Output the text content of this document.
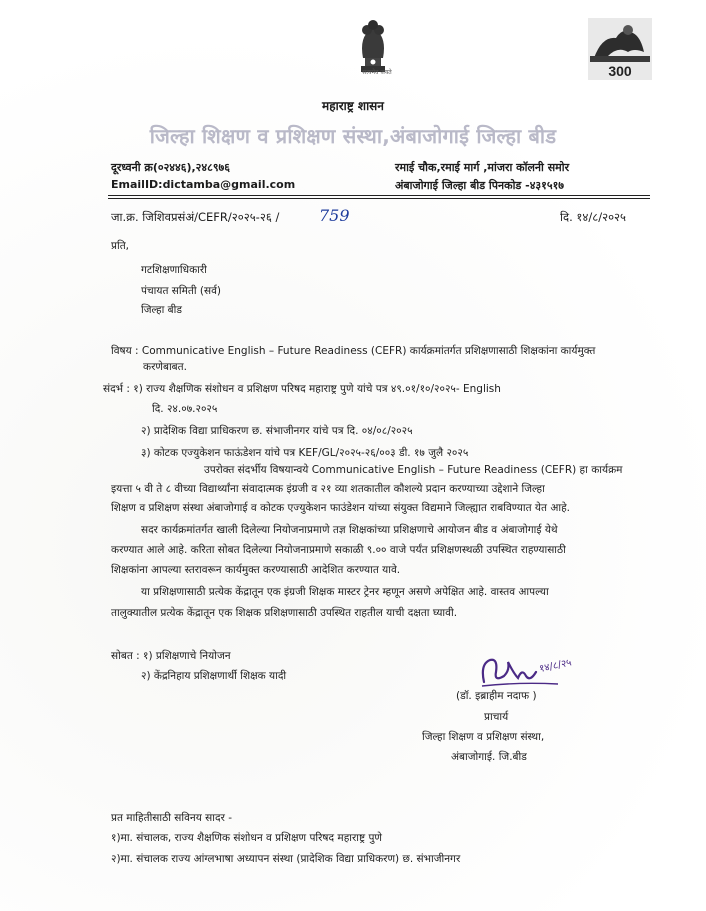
सत्यमेव जयते	300
महाराष्ट्र शासन
जिल्हा शिक्षण व प्रशिक्षण संस्था,अंबाजोगाई जिल्हा बीड
दूरध्वनी क्र(०२४४६),२४८९७६
EmailID:dictamba@gmail.com
रमाई चौक,रमाई मार्ग ,मांजरा कॉलनी समोर
अंबाजोगाई जिल्हा बीड पिनकोड -४३१५१७
जा.क्र. जिशिवप्रसंअं/CEFR/२०२५-२६ / 759	दि. १४/८/२०२५
प्रति,
गटशिक्षणाधिकारी
पंचायत समिती (सर्व)
जिल्हा बीड
विषय : Communicative English – Future Readiness (CEFR) कार्यक्रमांतर्गत प्रशिक्षणासाठी शिक्षकांना कार्यमुक्त
करणेबाबत.
संदर्भ : १) राज्य शैक्षणिक संशोधन व प्रशिक्षण परिषद महाराष्ट्र पुणे यांचे पत्र ४९.०१/१०/२०२५- English
दि. २४.०७.२०२५
२) प्रादेशिक विद्या प्राधिकरण छ. संभाजीनगर यांचे पत्र दि. ०४/०८/२०२५
३) कोटक एज्युकेशन फाऊंडेशन यांचे पत्र KEF/GL/२०२५-२६/००३ डी. १७ जुलै २०२५
उपरोक्त संदर्भीय विषयान्वये Communicative English – Future Readiness (CEFR) हा कार्यक्रम
इयत्ता ५ वी ते ८ वीच्या विद्यार्थ्यांना संवादात्मक इंग्रजी व २१ व्या शतकातील कौशल्ये प्रदान करण्याच्या उद्देशाने जिल्हा
शिक्षण व प्रशिक्षण संस्था अंबाजोगाई व कोटक एज्युकेशन फाउंडेशन यांच्या संयुक्त विद्यमाने जिल्ह्यात राबविण्यात येत आहे.
सदर कार्यक्रमांतर्गत खाली दिलेल्या नियोजनाप्रमाणे तज्ञ शिक्षकांच्या प्रशिक्षणाचे आयोजन बीड व अंबाजोगाई येथे
करण्यात आले आहे. करिता सोबत दिलेल्या नियोजनाप्रमाणे सकाळी ९.०० वाजे पर्यंत प्रशिक्षणस्थळी उपस्थित राहण्यासाठी
शिक्षकांना आपल्या स्तरावरून कार्यमुक्त करण्यासाठी आदेशित करण्यात यावे.
या प्रशिक्षणासाठी प्रत्येक केंद्रातून एक इंग्रजी शिक्षक मास्टर ट्रेनर म्हणून असणे अपेक्षित आहे. वास्तव आपल्या
तालुक्यातील प्रत्येक केंद्रातून एक शिक्षक प्रशिक्षणासाठी उपस्थित राहतील याची दक्षता घ्यावी.
सोबत : १) प्रशिक्षणाचे नियोजन
२) केंद्रनिहाय प्रशिक्षणार्थी शिक्षक यादी
१४/८/२५
(डॉ. इब्राहीम नदाफ )
प्राचार्य
जिल्हा शिक्षण व प्रशिक्षण संस्था,
अंबाजोगाई. जि.बीड
प्रत माहितीसाठी सविनय सादर -
१)मा. संचालक, राज्य शैक्षणिक संशोधन व प्रशिक्षण परिषद महाराष्ट्र पुणे
२)मा. संचालक राज्य आंग्लभाषा अध्यापन संस्था (प्रादेशिक विद्या प्राधिकरण) छ. संभाजीनगर
